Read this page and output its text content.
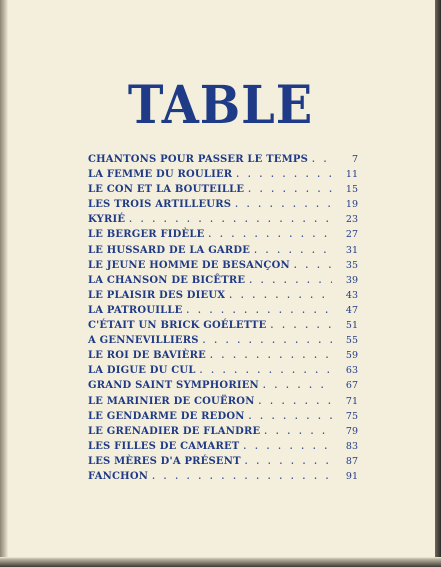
TABLE
CHANTONS POUR PASSER LE TEMPS . . .	7
LA FEMME DU ROULIER . . .	11
LE CON ET LA BOUTEILLE . . .	15
LES TROIS ARTILLEURS . . .	19
KYRIÉ . . .	23
LE BERGER FIDÈLE . . .	27
LE HUSSARD DE LA GARDE . . .	31
LE JEUNE HOMME DE BESANÇON . . .	35
LA CHANSON DE BICÊTRE . . .	39
LE PLAISIR DES DIEUX . . .	43
LA PATROUILLE . . .	47
C'ÉTAIT UN BRICK GOÉLETTE . . .	51
A GENNEVILLIERS . . .	55
LE ROI DE BAVIÈRE . . .	59
LA DIGUE DU CUL . . .	63
GRAND SAINT SYMPHORIEN . . .	67
LE MARINIER DE COUËRON . . .	71
LE GENDARME DE REDON . . .	75
LE GRENADIER DE FLANDRE . . .	79
LES FILLES DE CAMARET . . .	83
LES MÈRES D'A PRÉSENT . . .	87
FANCHON . . .	91
